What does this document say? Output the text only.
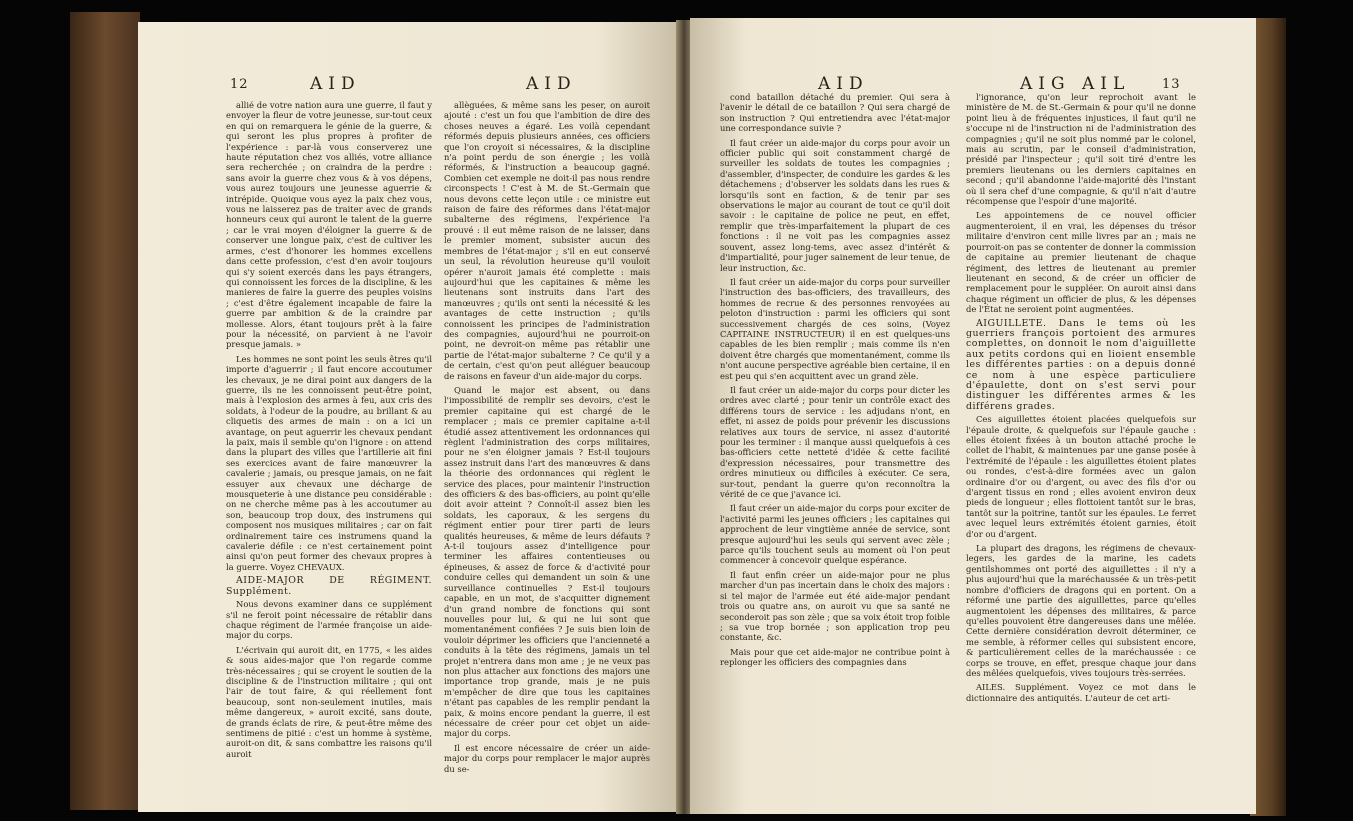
12	AID	AID

allié de votre nation aura une guerre, il faut y envoyer la fleur de votre jeunesse, sur-tout ceux en qui on remarquera le génie de la guerre, & qui seront les plus propres à profiter de l'expérience : par-là vous conserverez une haute réputation chez vos alliés, votre alliance sera recherchée ; on craindra de la perdre : sans avoir la guerre chez vous & à vos dépens, vous aurez toujours une jeunesse aguerrie & intrépide. Quoique vous ayez la paix chez vous, vous ne laisserez pas de traiter avec de grands honneurs ceux qui auront le talent de la guerre ; car le vrai moyen d'éloigner la guerre & de conserver une longue paix, c'est de cultiver les armes, c'est d'honorer les hommes excellens dans cette profession, c'est d'en avoir toujours qui s'y soient exercés dans les pays étrangers, qui connoissent les forces de la discipline, & les manieres de faire la guerre des peuples voisins ; c'est d'être également incapable de faire la guerre par ambition & de la craindre par mollesse. Alors, étant toujours prêt à la faire pour la nécessité, on parvient à ne l'avoir presque jamais. »

Les hommes ne sont point les seuls êtres qu'il importe d'aguerrir ; il faut encore accoutumer les chevaux, je ne dirai point aux dangers de la guerre, ils ne les connoissent peut-être point, mais à l'explosion des armes à feu, aux cris des soldats, à l'odeur de la poudre, au brillant & au cliquetis des armes de main : on a ici un avantage, on peut aguerrir les chevaux pendant la paix, mais il semble qu'on l'ignore : on attend dans la plupart des villes que l'artillerie ait fini ses exercices avant de faire manœuvrer la cavalerie ; jamais, ou presque jamais, on ne fait essuyer aux chevaux une décharge de mousqueterie à une distance peu considérable : on ne cherche même pas à les accoutumer au son, beaucoup trop doux, des instrumens qui composent nos musiques militaires ; car on fait ordinairement taire ces instrumens quand la cavalerie défile : ce n'est certainement point ainsi qu'on peut former des chevaux propres à la guerre. Voyez CHEVAUX.

AIDE-MAJOR DE RÉGIMENT. Supplément.

Nous devons examiner dans ce supplément s'il ne feroit point nécessaire de rétablir dans chaque régiment de l'armée françoise un aide-major du corps.

L'écrivain qui auroit dit, en 1775, « les aides & sous aides-major que l'on regarde comme très-nécessaires ; qui se croyent le soutien de la discipline & de l'instruction militaire ; qui ont l'air de tout faire, & qui réellement font beaucoup, sont non-seulement inutiles, mais même dangereux, » auroit excité, sans doute, de grands éclats de rire, & peut-être même des sentimens de pitié : c'est un homme à système, auroit-on dit, & sans combattre les raisons qu'il auroit

allèguées, & même sans les peser, on auroit ajouté : c'est un fou que l'ambition de dire des choses neuves a égaré. Les voilà cependant réformés depuis plusieurs années, ces officiers que l'on croyoit si nécessaires, & la discipline n'a point perdu de son énergie ; les voilà réformés, & l'instruction a beaucoup gagné. Combien cet exemple ne doit-il pas nous rendre circonspects ! C'est à M. de St.-Germain que nous devons cette leçon utile : ce ministre eut raison de faire des réformes dans l'état-major subalterne des régimens, l'expérience l'a prouvé : il eut même raison de ne laisser, dans le premier moment, subsister aucun des membres de l'état-major ; s'il en eut conservé un seul, la révolution heureuse qu'il vouloit opérer n'auroit jamais été complette : mais aujourd'hui que les capitaines & même les lieutenans sont instruits dans l'art des manœuvres ; qu'ils ont senti la nécessité & les avantages de cette instruction ; qu'ils connoissent les principes de l'administration des compagnies, aujourd'hui ne pourroit-on point, ne devroit-on même pas rétablir une partie de l'état-major subalterne ? Ce qu'il y a de certain, c'est qu'on peut alléguer beaucoup de raisons en faveur d'un aide-major du corps.

Quand le major est absent, ou dans l'impossibilité de remplir ses devoirs, c'est le premier capitaine qui est chargé de le remplacer ; mais ce premier capitaine a-t-il étudié assez attentivement les ordonnances qui règlent l'administration des corps militaires, pour ne s'en éloigner jamais ? Est-il toujours assez instruit dans l'art des manœuvres & dans la théorie des ordonnances qui règlent le service des places, pour maintenir l'instruction des officiers & des bas-officiers, au point qu'elle doit avoir atteint ? Connoît-il assez bien les soldats, les caporaux, & les sergens du régiment entier pour tirer parti de leurs qualités heureuses, & même de leurs défauts ? A-t-il toujours assez d'intelligence pour terminer les affaires contentieuses ou épineuses, & assez de force & d'activité pour conduire celles qui demandent un soin & une surveillance continuelles ? Est-il toujours capable, en un mot, de s'acquitter dignement d'un grand nombre de fonctions qui sont nouvelles pour lui, & qui ne lui sont que momentanément confiées ? Je suis bien loin de vouloir déprimer les officiers que l'ancienneté a conduits à la tête des régimens, jamais un tel projet n'entrera dans mon ame ; je ne veux pas non plus attacher aux fonctions des majors une importance trop grande, mais je ne puis m'empêcher de dire que tous les capitaines n'étant pas capables de les remplir pendant la paix, & moins encore pendant la guerre, il est nécessaire de créer pour cet objet un aide-major du corps.

Il est encore nécessaire de créer un aide-major du corps pour remplacer le major auprès du se-

AID	AIG AIL 13

cond bataillon détaché du premier. Qui sera à l'avenir le détail de ce bataillon ? Qui sera chargé de son instruction ? Qui entretiendra avec l'état-major une correspondance suivie ?

Il faut créer un aide-major du corps pour avoir un officier public qui soit constamment chargé de surveiller les soldats de toutes les compagnies ; d'assembler, d'inspecter, de conduire les gardes & les détachemens ; d'observer les soldats dans les rues & lorsqu'ils sont en faction, & de tenir par ses observations le major au courant de tout ce qu'il doit savoir : le capitaine de police ne peut, en effet, remplir que très-imparfaitement la plupart de ces fonctions : il ne voit pas les compagnies assez souvent, assez long-tems, avec assez d'intérêt & d'impartialité, pour juger sainement de leur tenue, de leur instruction, &c.

Il faut créer un aide-major du corps pour surveiller l'instruction des bas-officiers, des travailleurs, des hommes de recrue & des personnes renvoyées au peloton d'instruction : parmi les officiers qui sont successivement chargés de ces soins, (Voyez CAPITAINE INSTRUCTEUR) il en est quelques-uns capables de les bien remplir ; mais comme ils n'en doivent être chargés que momentanément, comme ils n'ont aucune perspective agréable bien certaine, il en est peu qui s'en acquittent avec un grand zèle.

Il faut créer un aide-major du corps pour dicter les ordres avec clarté ; pour tenir un contrôle exact des différens tours de service : les adjudans n'ont, en effet, ni assez de poids pour prévenir les discussions relatives aux tours de service, ni assez d'autorité pour les terminer : il manque aussi quelquefois à ces bas-officiers cette netteté d'idée & cette facilité d'expression nécessaires, pour transmettre des ordres minutieux ou difficiles à exécuter. Ce sera, sur-tout, pendant la guerre qu'on reconnoîtra la vérité de ce que j'avance ici.

Il faut créer un aide-major du corps pour exciter de l'activité parmi les jeunes officiers ; les capitaines qui approchent de leur vingtième année de service, sont presque aujourd'hui les seuls qui servent avec zèle ; parce qu'ils touchent seuls au moment où l'on peut commencer à concevoir quelque espérance.

Il faut enfin créer un aide-major pour ne plus marcher d'un pas incertain dans le choix des majors : si tel major de l'armée eut été aide-major pendant trois ou quatre ans, on auroit vu que sa santé ne seconderoit pas son zèle ; que sa voix étoit trop foible ; sa vue trop bornée ; son application trop peu constante, &c.

Mais pour que cet aide-major ne contribue point à replonger les officiers des compagnies dans

l'ignorance, qu'on leur reprochoit avant le ministère de M. de St.-Germain & pour qu'il ne donne point lieu à de fréquentes injustices, il faut qu'il ne s'occupe ni de l'instruction ni de l'administration des compagnies ; qu'il ne soit plus nommé par le colonel, mais au scrutin, par le conseil d'administration, présidé par l'inspecteur ; qu'il soit tiré d'entre les premiers lieutenans ou les derniers capitaines en second ; qu'il abandonne l'aide-majorité dès l'instant où il sera chef d'une compagnie, & qu'il n'ait d'autre récompense que l'espoir d'une majorité.

Les appointemens de ce nouvel officier augmenteroient, il en vrai, les dépenses du trésor militaire d'environ cent mille livres par an ; mais ne pourroit-on pas se contenter de donner la commission de capitaine au premier lieutenant de chaque régiment, des lettres de lieutenant au premier lieutenant en second, & de créer un officier de remplacement pour le suppléer. On auroit ainsi dans chaque régiment un officier de plus, & les dépenses de l'État ne seroient point augmentées.

AIGUILLETE. Dans le tems où les guerriers françois portoient des armures complettes, on donnoit le nom d'aiguillette aux petits cordons qui en lioient ensemble les différentes parties : on a depuis donné ce nom à une espèce particuliere d'épaulette, dont on s'est servi pour distinguer les différentes armes & les différens grades.

Ces aiguillettes étoient placées quelquefois sur l'épaule droite, & quelquefois sur l'épaule gauche : elles étoient fixées à un bouton attaché proche le collet de l'habit, & maintenues par une ganse posée à l'extrémité de l'épaule : les aiguillettes étoient plates ou rondes, c'est-à-dire formées avec un galon ordinaire d'or ou d'argent, ou avec des fils d'or ou d'argent tissus en rond ; elles avoient environ deux pieds de longueur ; elles flottoient tantôt sur le bras, tantôt sur la poitrine, tantôt sur les épaules. Le ferret avec lequel leurs extrémités étoient garnies, étoit d'or ou d'argent.

La plupart des dragons, les régimens de chevaux-legers, les gardes de la marine, les cadets gentilshommes ont porté des aiguillettes : il n'y a plus aujourd'hui que la maréchaussée & un très-petit nombre d'officiers de dragons qui en portent. On a réformé une partie des aiguillettes, parce qu'elles augmentoient les dépenses des militaires, & parce qu'elles pouvoient être dangereuses dans une mêlée. Cette dernière considération devroit déterminer, ce me semble, à réformer celles qui subsistent encore, & particulièrement celles de la maréchaussée : ce corps se trouve, en effet, presque chaque jour dans des mêlées quelquefois, vives toujours très-serrées.

AILES. Supplément. Voyez ce mot dans le dictionnaire des antiquités. L'auteur de cet arti-
